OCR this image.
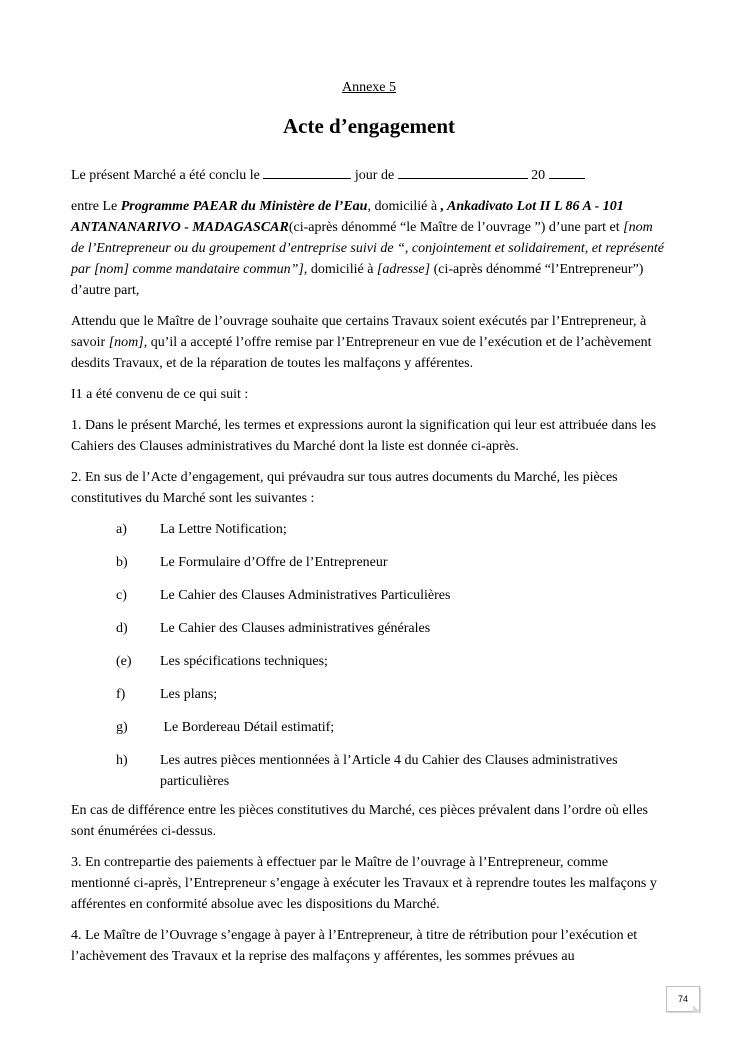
Annexe 5
Acte d’engagement

Le présent Marché a été conclu le	jour de	20

entre Le Programme PAEAR du Ministère de l’Eau, domicilié à , Ankadivato Lot II L 86 A - 101 ANTANANARIVO - MADAGASCAR(ci-après dénommé “le Maître de l’ouvrage ”) d’une part et [nom de l’Entrepreneur ou du groupement d’entreprise suivi de “, conjointement et solidairement, et représenté par [nom] comme mandataire commun”], domicilié à [adresse] (ci-après dénommé “l’Entrepreneur”) d’autre part,

Attendu que le Maître de l’ouvrage souhaite que certains Travaux soient exécutés par l’Entrepreneur, à savoir [nom], qu’il a accepté l’offre remise par l’Entrepreneur en vue de l’exécution et de l’achèvement desdits Travaux, et de la réparation de toutes les malfaçons y afférentes.

I1 a été convenu de ce qui suit :

1. Dans le présent Marché, les termes et expressions auront la signification qui leur est attribuée dans les Cahiers des Clauses administratives du Marché dont la liste est donnée ci-après.

2. En sus de l’Acte d’engagement, qui prévaudra sur tous autres documents du Marché, les pièces constitutives du Marché sont les suivantes :

a)	La Lettre Notification;
b)	Le Formulaire d’Offre de l’Entrepreneur
c)	Le Cahier des Clauses Administratives Particulières
d)	Le Cahier des Clauses administratives générales
(e)	Les spécifications techniques;
f)	Les plans;
g)	Le Bordereau Détail estimatif;
h)	Les autres pièces mentionnées à l’Article 4 du Cahier des Clauses administratives particulières

En cas de différence entre les pièces constitutives du Marché, ces pièces prévalent dans l’ordre où elles sont énumérées ci-dessus.

3. En contrepartie des paiements à effectuer par le Maître de l’ouvrage à l’Entrepreneur, comme mentionné ci-après, l’Entrepreneur s’engage à exécuter les Travaux et à reprendre toutes les malfaçons y afférentes en conformité absolue avec les dispositions du Marché.

4. Le Maître de l’Ouvrage s’engage à payer à l’Entrepreneur, à titre de rétribution pour l’exécution et l’achèvement des Travaux et la reprise des malfaçons y afférentes, les sommes prévues au

74
